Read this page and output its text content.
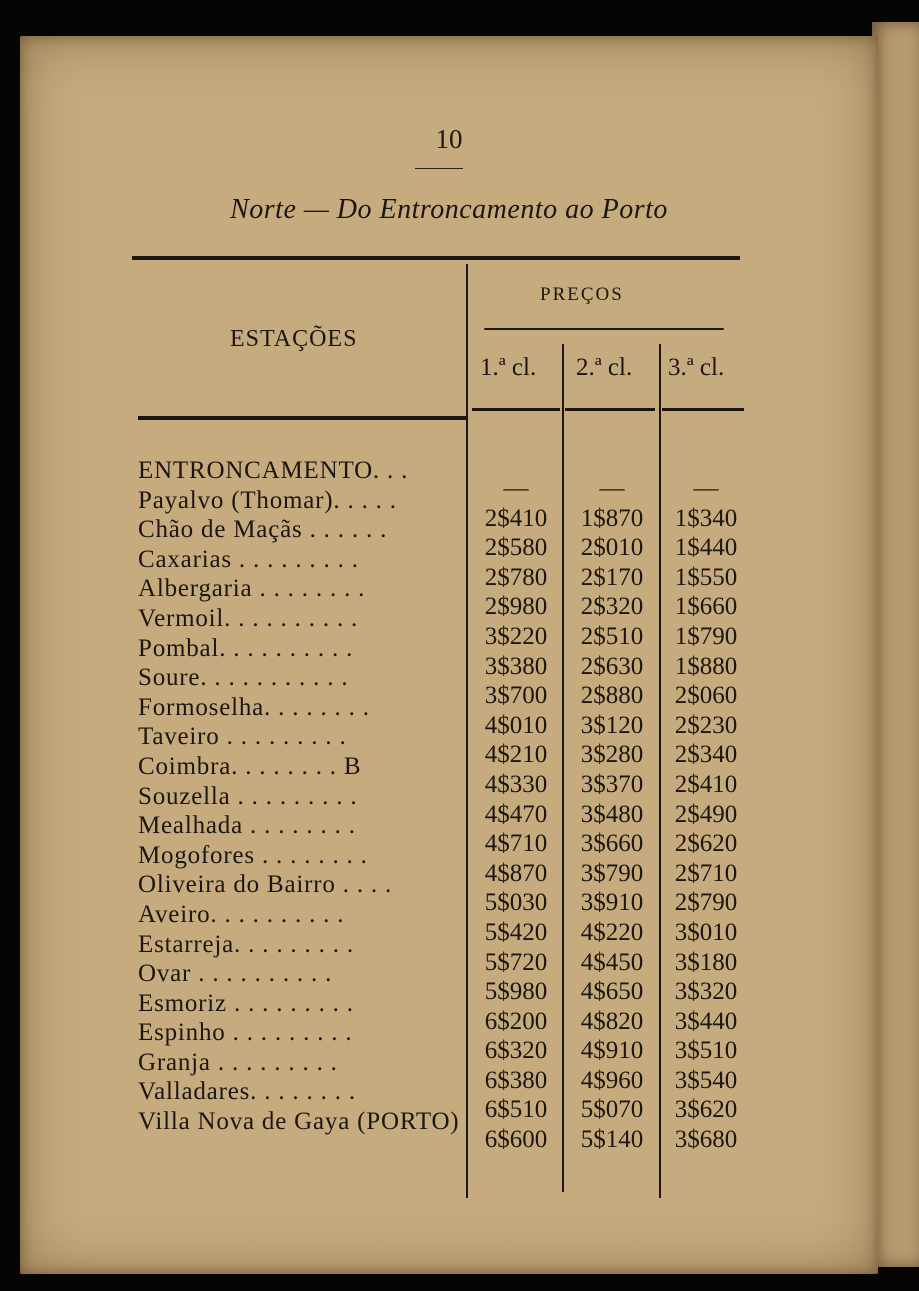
10
Norte — Do Entroncamento ao Porto
ESTAÇÕES
PREÇOS
1.ª cl. 2.ª cl. 3.ª cl.
ENTRONCAMENTO. . .
Payalvo (Thomar). . . . .
Chão de Maçãs . . . . . .
Caxarias . . . . . . . . .
Albergaria . . . . . . . .
Vermoil. . . . . . . . . .
Pombal. . . . . . . . . .
Soure. . . . . . . . . . .
Formoselha. . . . . . . .
Taveiro . . . . . . . . .
Coimbra. . . . . . . . B
Souzella . . . . . . . . .
Mealhada . . . . . . . .
Mogofores . . . . . . . .
Oliveira do Bairro . . . .
Aveiro. . . . . . . . . .
Estarreja. . . . . . . . .
Ovar . . . . . . . . . .
Esmoriz . . . . . . . . .
Espinho . . . . . . . . .
Granja . . . . . . . . .
Valladares. . . . . . . .
Villa Nova de Gaya (PORTO)
—
2$410
2$580
2$780
2$980
3$220
3$380
3$700
4$010
4$210
4$330
4$470
4$710
4$870
5$030
5$420
5$720
5$980
6$200
6$320
6$380
6$510
6$600
—
1$870
2$010
2$170
2$320
2$510
2$630
2$880
3$120
3$280
3$370
3$480
3$660
3$790
3$910
4$220
4$450
4$650
4$820
4$910
4$960
5$070
5$140
—
1$340
1$440
1$550
1$660
1$790
1$880
2$060
2$230
2$340
2$410
2$490
2$620
2$710
2$790
3$010
3$180
3$320
3$440
3$510
3$540
3$620
3$680
